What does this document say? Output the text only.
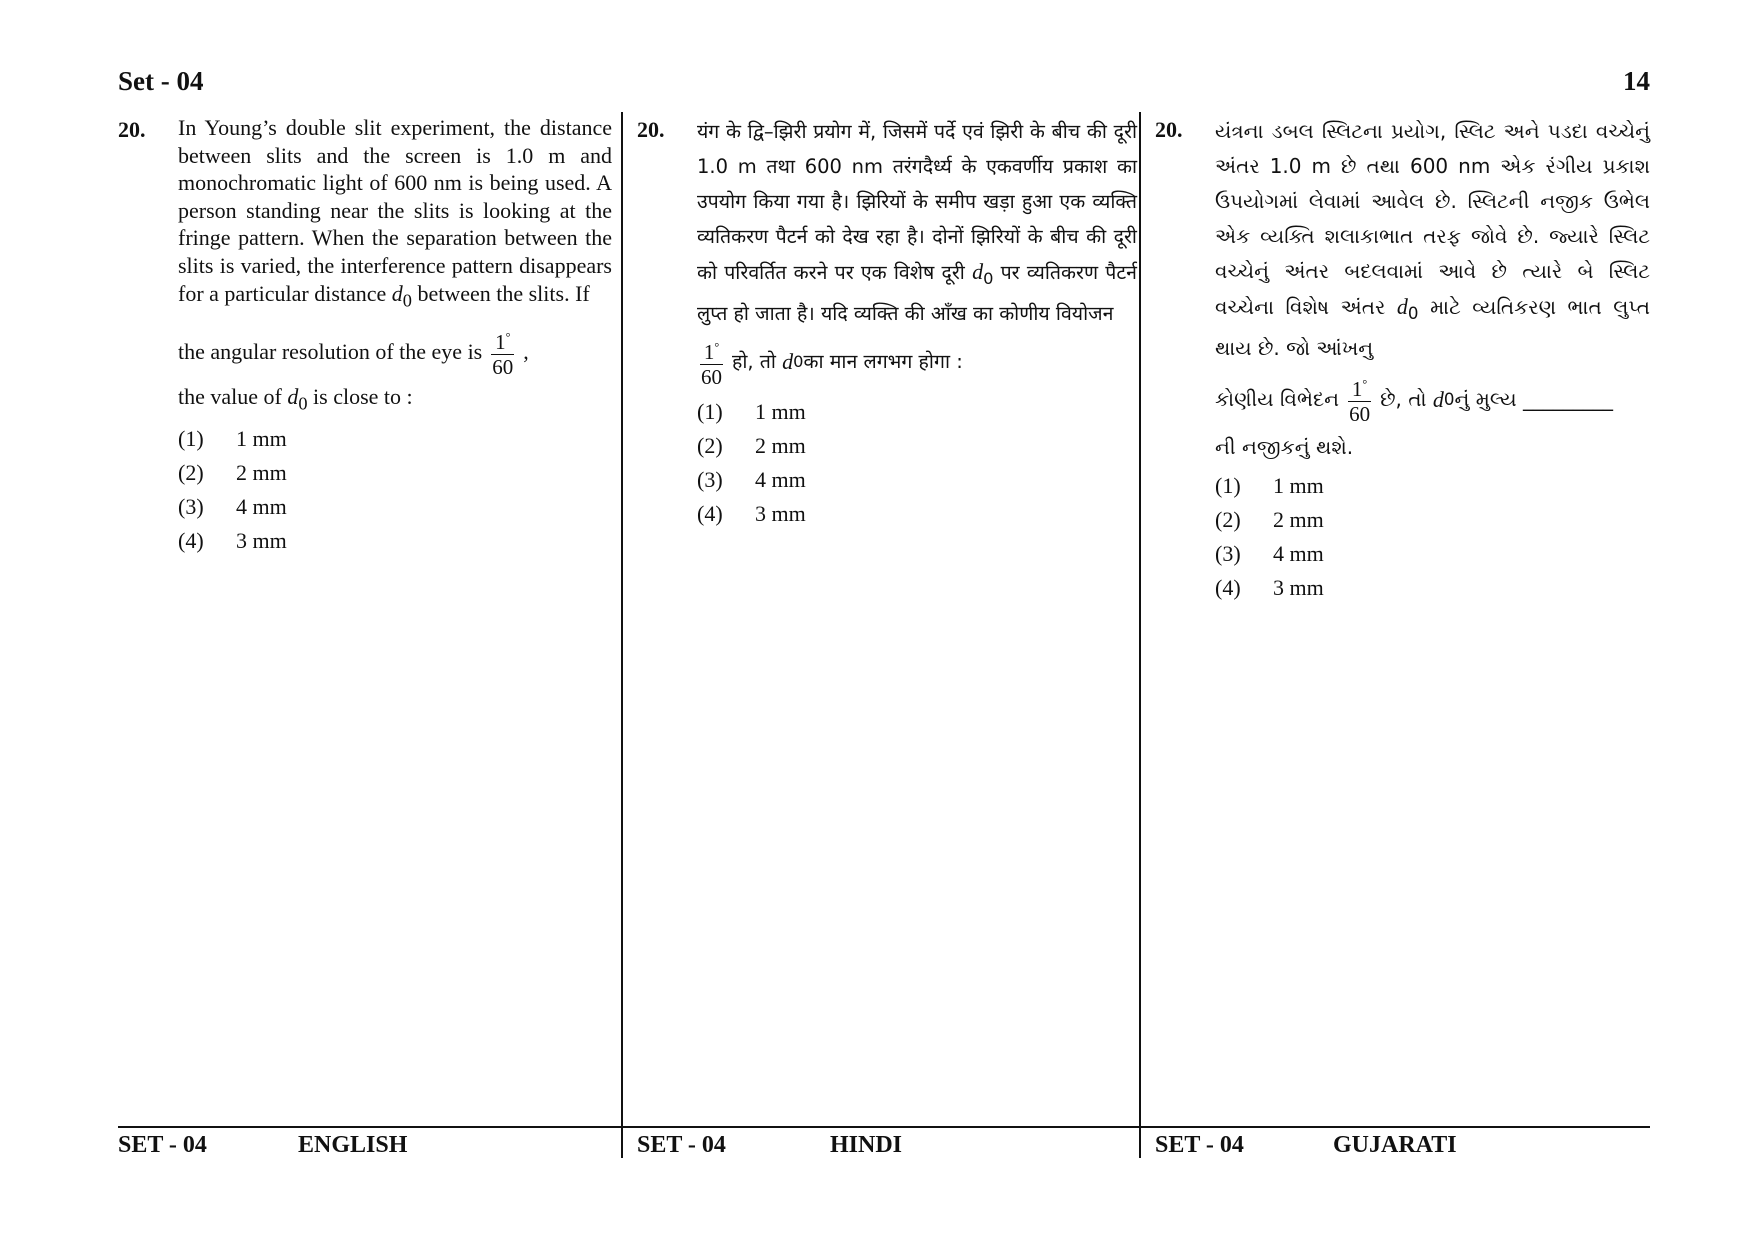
Set - 04	14
20. In Young’s double slit experiment, the distance between slits and the screen is 1.0 m and monochromatic light of 600 nm is being used. A person standing near the slits is looking at the fringe pattern. When the separation between the slits is varied, the interference pattern disappears for a particular distance $d_0$ between the slits. If
the angular resolution of the eye is $\frac{1^\circ}{60}$ ,
the value of $d_0$ is close to :
(1)	1 mm
(2)	2 mm
(3)	4 mm
(4)	3 mm
20. यंग के द्वि–झिरी प्रयोग में, जिसमें पर्दे एवं झिरी के बीच की दूरी 1.0 m तथा 600 nm तरंगदैर्ध्य के एकवर्णीय प्रकाश का उपयोग किया गया है। झिरियों के समीप खड़ा हुआ एक व्यक्ति व्यतिकरण पैटर्न को देख रहा है। दोनों झिरियों के बीच की दूरी को परिवर्तित करने पर एक विशेष दूरी $d_0$ पर व्यतिकरण पैटर्न लुप्त हो जाता है। यदि व्यक्ति की आँख का कोणीय वियोजन
$\frac{1^\circ}{60}$ हो, तो
d 0 का मान लगभग होगा :
(1)	1 mm
(2)	2 mm
(3)	4 mm
(4)	3 mm
20. યંત્રના ડબલ સ્લિટના પ્રયોગ, સ્લિટ અને પડદા વચ્ચેનું અંતર 1.0 m છે તથા 600 nm એક રંગીય પ્રકાશ ઉપયોગમાં લેવામાં આવેલ છે. સ્લિટની નજીક ઉભેલ એક વ્યક્તિ શલાકાભાત તરફ જોવે છે. જ્યારે સ્લિટ વચ્ચેનું અંતર બદલવામાં આવે છે ત્યારે બે સ્લિટ વચ્ચેના વિશેષ અંતર $d_0$ માટે વ્યતિકરણ ભાત લુપ્ત થાય છે. જો આંખનુ
કોણીય વિભેદન $\frac{1^\circ}{60}$ છે, તો
d 0 નું મુલ્ય _________
ની નજીકનું થશે.
(1)	1 mm
(2)	2 mm
(3)	4 mm
(4)	3 mm
SET - 04	ENGLISH	SET - 04	HINDI	SET - 04	GUJARATI
